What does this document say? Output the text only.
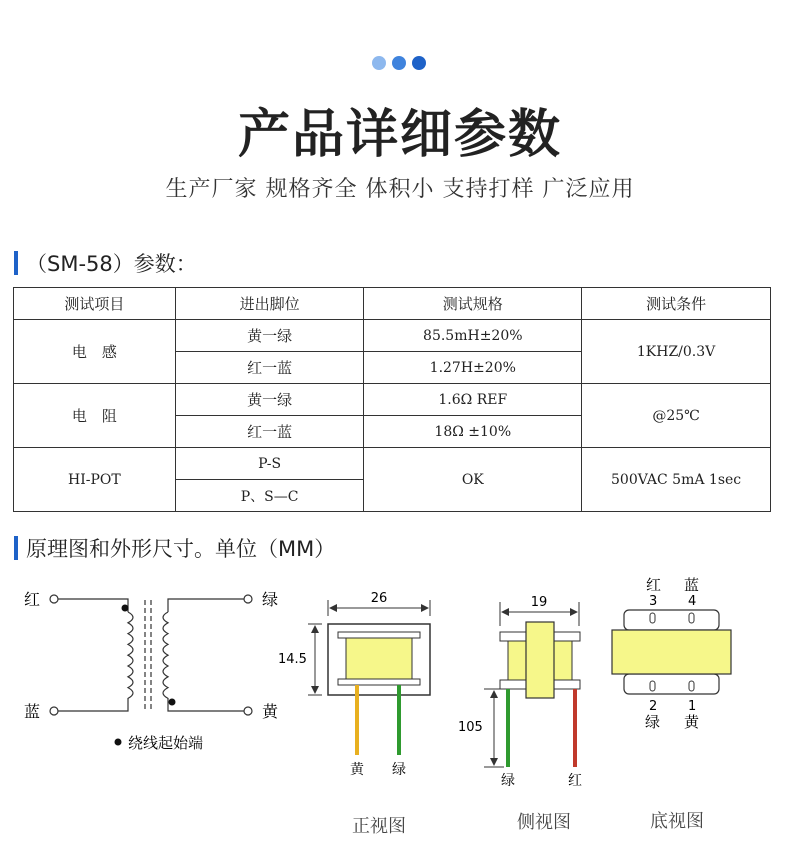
产品详细参数
生产厂家 规格齐全 体积小 支持打样 广泛应用
（SM-58）参数：
测试项目	进出脚位	测试规格	测试条件
电　感	黄一绿	85.5mH±20%	1KHZ/0.3V
	红一蓝	1.27H±20%	
电　阻	黄一绿	1.6Ω REF	@25℃
	红一蓝	18Ω ±10%	
HI-POT	P-S	OK	500VAC 5mA 1sec
	P、S—C		
原理图和外形尺寸。单位（MM）
红
蓝
绿
黄
绕线起始端
26
14.5
黄 绿
正视图
19
105
绿	红
侧视图
红 蓝
3 4
2 1
绿 黄
底视图
